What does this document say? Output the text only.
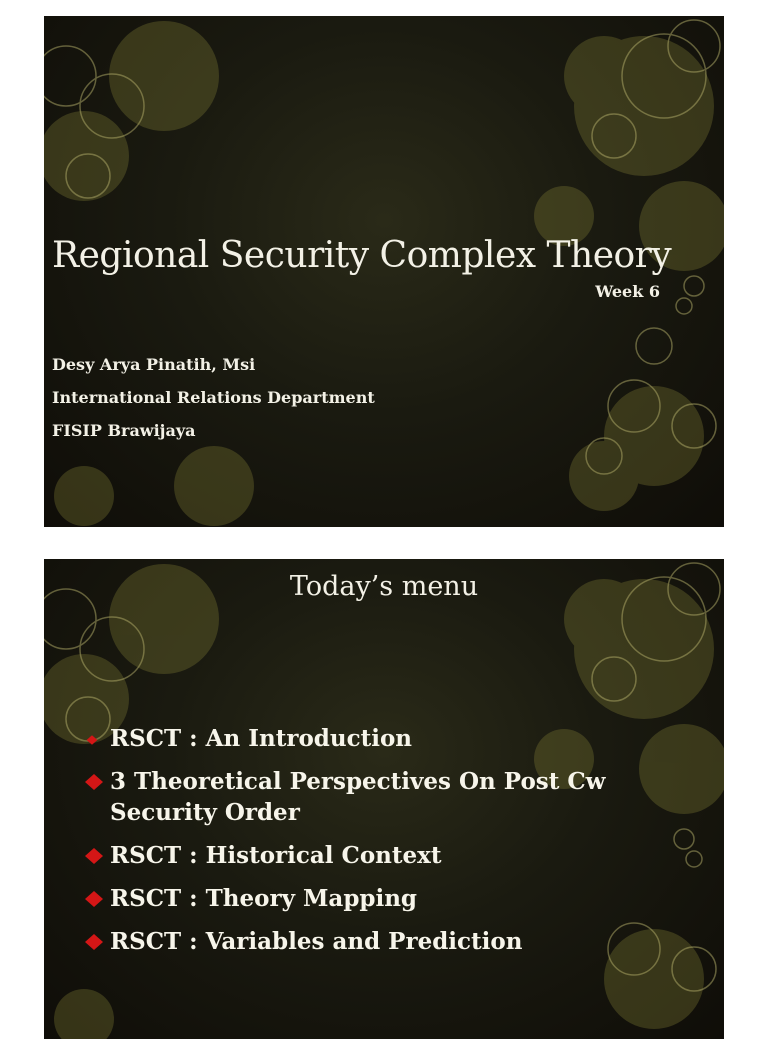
Regional Security Complex Theory
Week 6
Desy Arya Pinatih, Msi
International Relations Department
FISIP Brawijaya
Today’s menu
RSCT : An Introduction
3 Theoretical Perspectives On Post Cw Security Order
RSCT : Historical Context
RSCT : Theory Mapping
RSCT : Variables and Prediction
